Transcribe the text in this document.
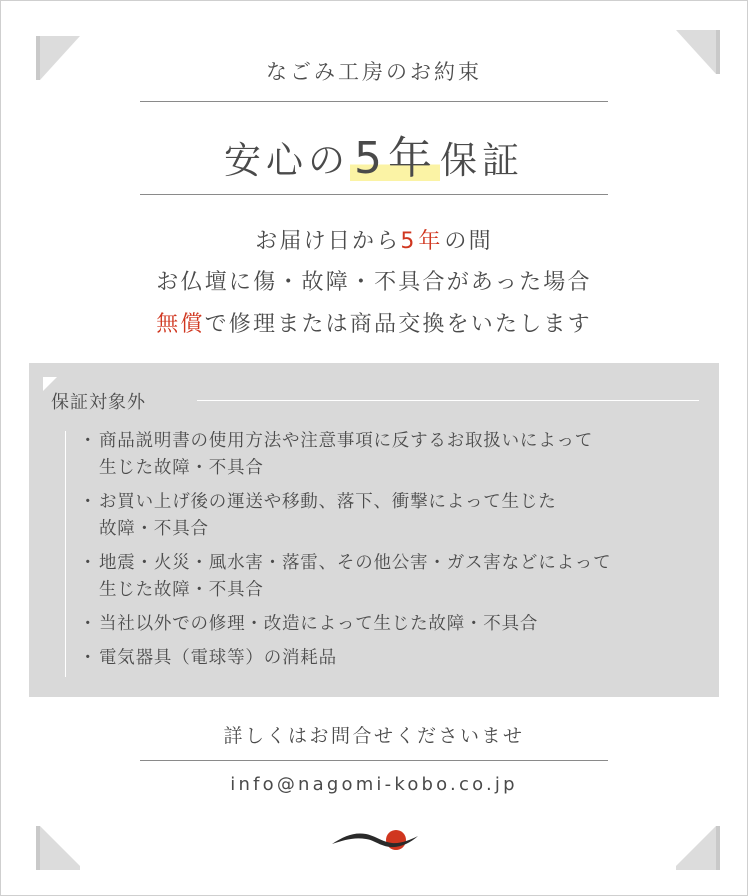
なごみ工房のお約束
安心の5年保証
お届け日から5年の間
お仏壇に傷・故障・不具合があった場合
無償で修理または商品交換をいたします
保証対象外
・ 商品説明書の使用方法や注意事項に反するお取扱いによって
生じた故障・不具合
・ お買い上げ後の運送や移動、落下、衝撃によって生じた
故障・不具合
・ 地震・火災・風水害・落雷、その他公害・ガス害などによって
生じた故障・不具合
・ 当社以外での修理・改造によって生じた故障・不具合
・ 電気器具（電球等）の消耗品
詳しくはお問合せくださいませ
info@nagomi-kobo.co.jp
